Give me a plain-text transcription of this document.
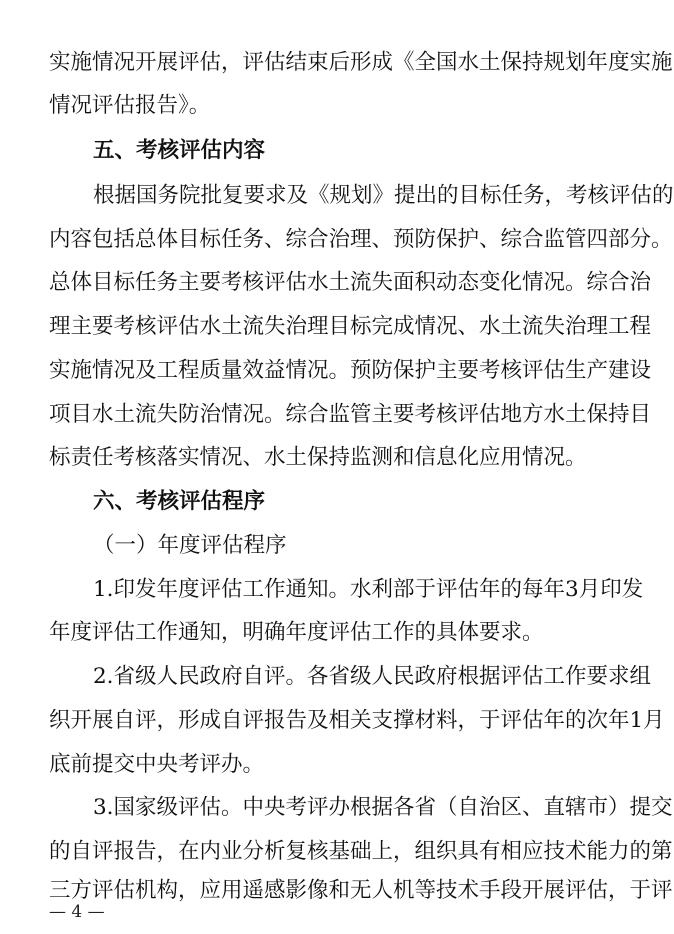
实施情况开展评估，评估结束后形成《全国水土保持规划年度实施
情况评估报告》。
五、考核评估内容
根据国务院批复要求及《规划》提出的目标任务，考核评估的
内容包括总体目标任务、综合治理、预防保护、综合监管四部分。
总体目标任务主要考核评估水土流失面积动态变化情况。综合治
理主要考核评估水土流失治理目标完成情况、水土流失治理工程
实施情况及工程质量效益情况。预防保护主要考核评估生产建设
项目水土流失防治情况。综合监管主要考核评估地方水土保持目
标责任考核落实情况、水土保持监测和信息化应用情况。
六、考核评估程序
（一）年度评估程序
1.印发年度评估工作通知。水利部于评估年的每年3月印发
年度评估工作通知，明确年度评估工作的具体要求。
2.省级人民政府自评。各省级人民政府根据评估工作要求组
织开展自评，形成自评报告及相关支撑材料，于评估年的次年1月
底前提交中央考评办。
3.国家级评估。中央考评办根据各省（自治区、直辖市）提交
的自评报告，在内业分析复核基础上，组织具有相应技术能力的第
三方评估机构，应用遥感影像和无人机等技术手段开展评估，于评
— 4 —
